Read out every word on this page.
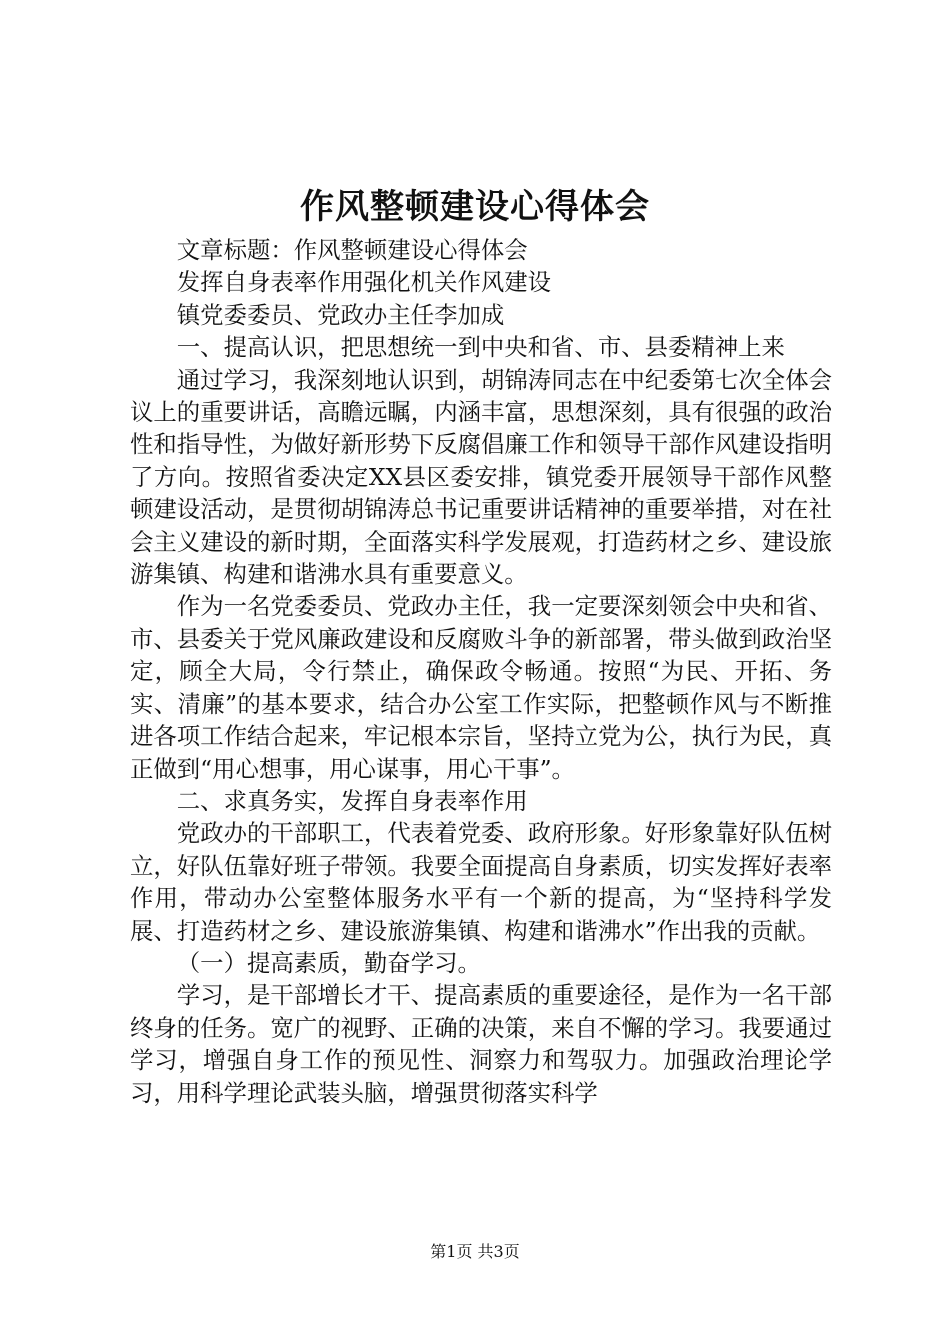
作风整顿建设心得体会

文章标题：作风整顿建设心得体会

发挥自身表率作用强化机关作风建设

镇党委委员、党政办主任李加成

一、提高认识，把思想统一到中央和省、市、县委精神上来

通过学习，我深刻地认识到，胡锦涛同志在中纪委第七次全体会议上的重要讲话，高瞻远瞩，内涵丰富，思想深刻，具有很强的政治性和指导性，为做好新形势下反腐倡廉工作和领导干部作风建设指明了方向。按照省委决定XX县区委安排，镇党委开展领导干部作风整顿建设活动，是贯彻胡锦涛总书记重要讲话精神的重要举措，对在社会主义建设的新时期，全面落实科学发展观，打造药材之乡、建设旅游集镇、构建和谐沸水具有重要意义。

作为一名党委委员、党政办主任，我一定要深刻领会中央和省、市、县委关于党风廉政建设和反腐败斗争的新部署，带头做到政治坚定，顾全大局，令行禁止，确保政令畅通。按照“为民、开拓、务实、清廉”的基本要求，结合办公室工作实际，把整顿作风与不断推进各项工作结合起来，牢记根本宗旨，坚持立党为公，执行为民，真正做到“用心想事，用心谋事，用心干事”。

二、求真务实，发挥自身表率作用

党政办的干部职工，代表着党委、政府形象。好形象靠好队伍树立，好队伍靠好班子带领。我要全面提高自身素质，切实发挥好表率作用，带动办公室整体服务水平有一个新的提高，为“坚持科学发展、打造药材之乡、建设旅游集镇、构建和谐沸水”作出我的贡献。

（一）提高素质，勤奋学习。

学习，是干部增长才干、提高素质的重要途径，是作为一名干部终身的任务。宽广的视野、正确的决策，来自不懈的学习。我要通过学习，增强自身工作的预见性、洞察力和驾驭力。加强政治理论学习，用科学理论武装头脑，增强贯彻落实科学

第1页 共3页
